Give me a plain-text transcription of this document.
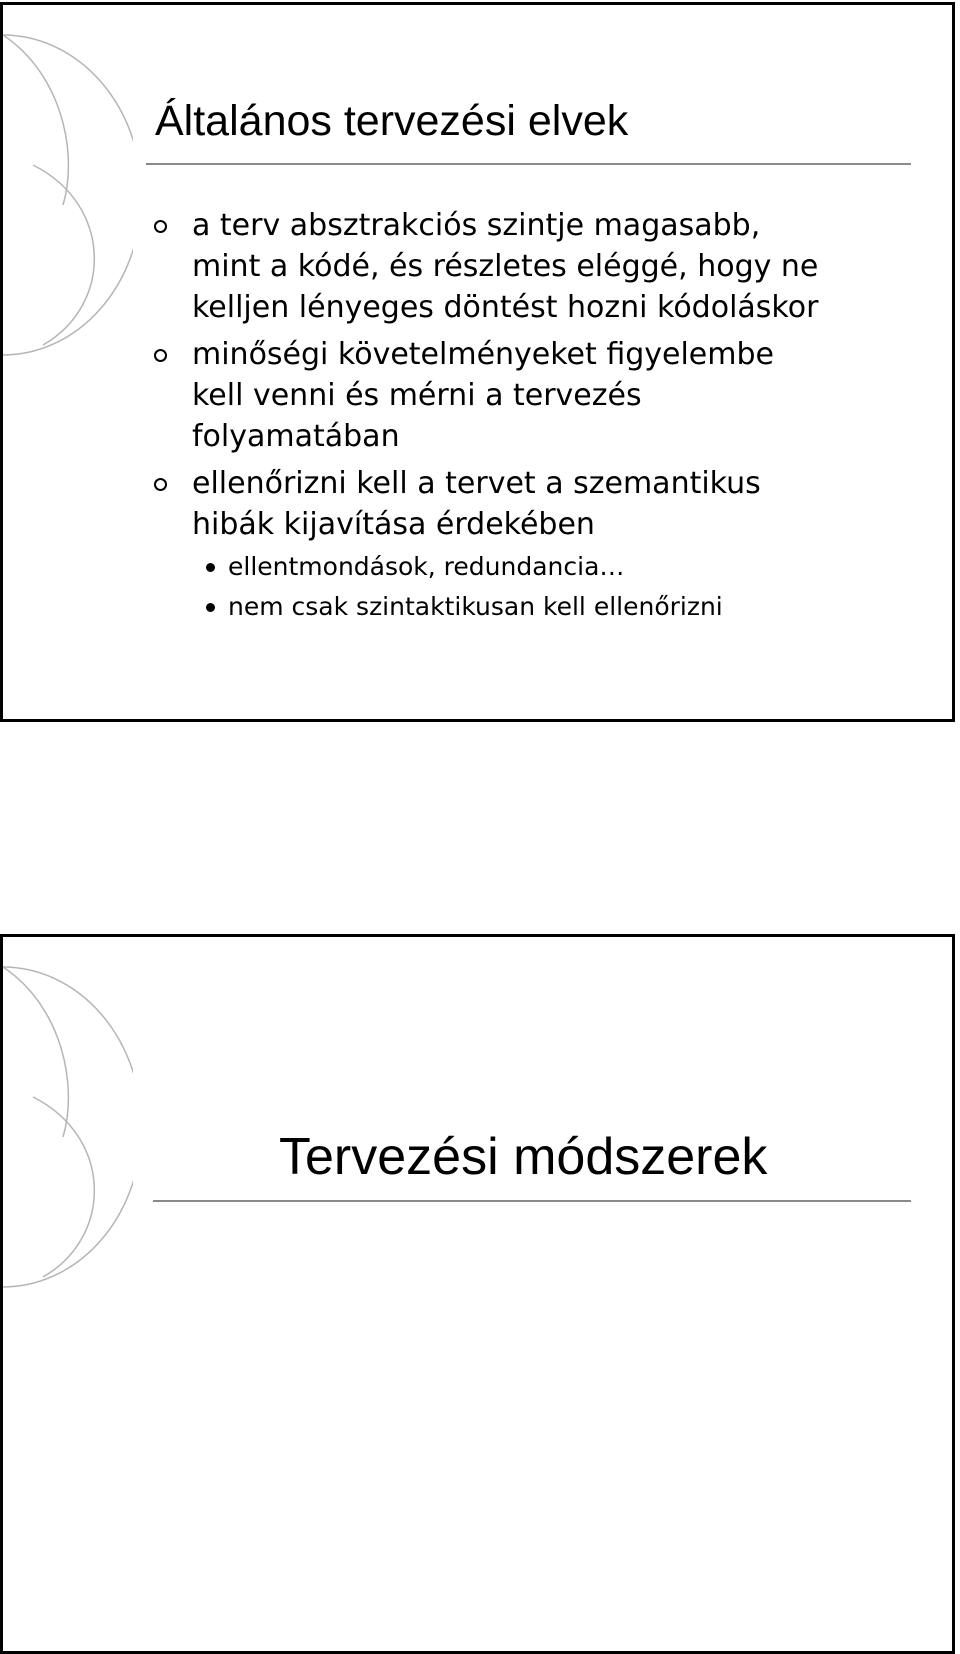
Általános tervezési elvek
a terv absztrakciós szintje magasabb,
mint a kódé, és részletes eléggé, hogy ne
kelljen lényeges döntést hozni kódoláskor
minőségi követelményeket figyelembe
kell venni és mérni a tervezés
folyamatában
ellenőrizni kell a tervet a szemantikus
hibák kijavítása érdekében
ellentmondások, redundancia…
nem csak szintaktikusan kell ellenőrizni
Tervezési módszerek
